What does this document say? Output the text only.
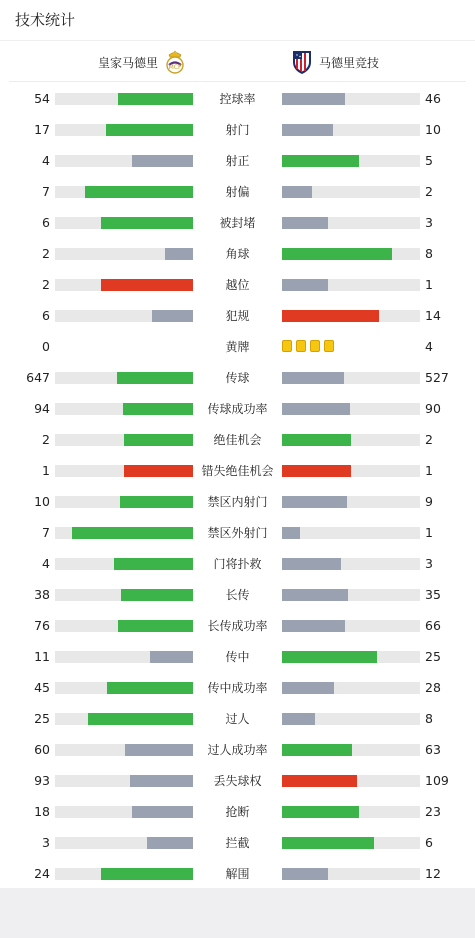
技术统计
皇家马德里 MCF	马德里竞技
54	控球率	46
17	射门	10
4	射正	5
7	射偏	2
6	被封堵	3
2	角球	8
2	越位	1
6	犯规	14
0	黄牌	4
647	传球	527
94	传球成功率	90
2	绝佳机会	2
1	错失绝佳机会	1
10	禁区内射门	9
7	禁区外射门	1
4	门将扑救	3
38	长传	35
76	长传成功率	66
11	传中	25
45	传中成功率	28
25	过人	8
60	过人成功率	63
93	丢失球权	109
18	抢断	23
3	拦截	6
24	解围	12
